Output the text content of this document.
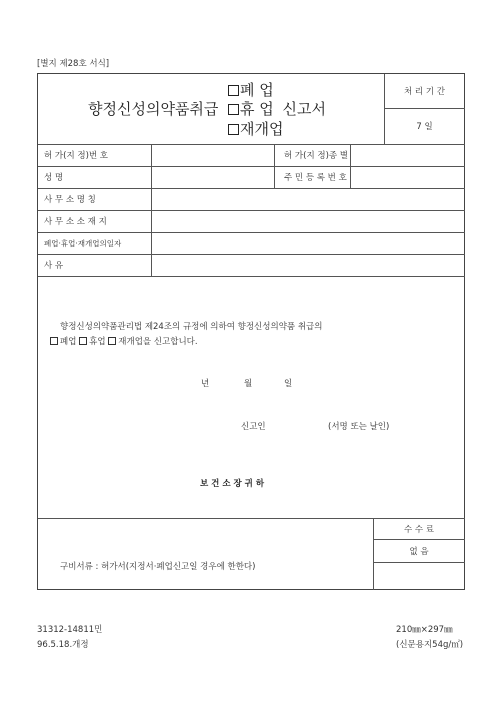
[별지 제28호 서식]
향정신성의약품취급
폐 업
휴 업 신고서
재개업
처 리 기 간
7 일
허 가(지 정)번 호	허 가(지 정)종 별
성 명	주 민 등 록 번 호
사 무 소 명 칭
사 무 소 소 재 지
폐업·휴업·재개업의일자
사 유
향정신성의약품관리법 제24조의 규정에 의하여 향정신성의약품 취급의
폐업 휴업 재개업을 신고합니다.
년	월	일
신고인	(서명 또는 날인)
보 건 소 장 귀 하
수 수 료
없 음
구비서류 : 허가서(지정서·폐업신고일 경우에 한한다)
31312-14811민
96.5.18.개정
210㎜×297㎜
(신문용지54g/㎡)
